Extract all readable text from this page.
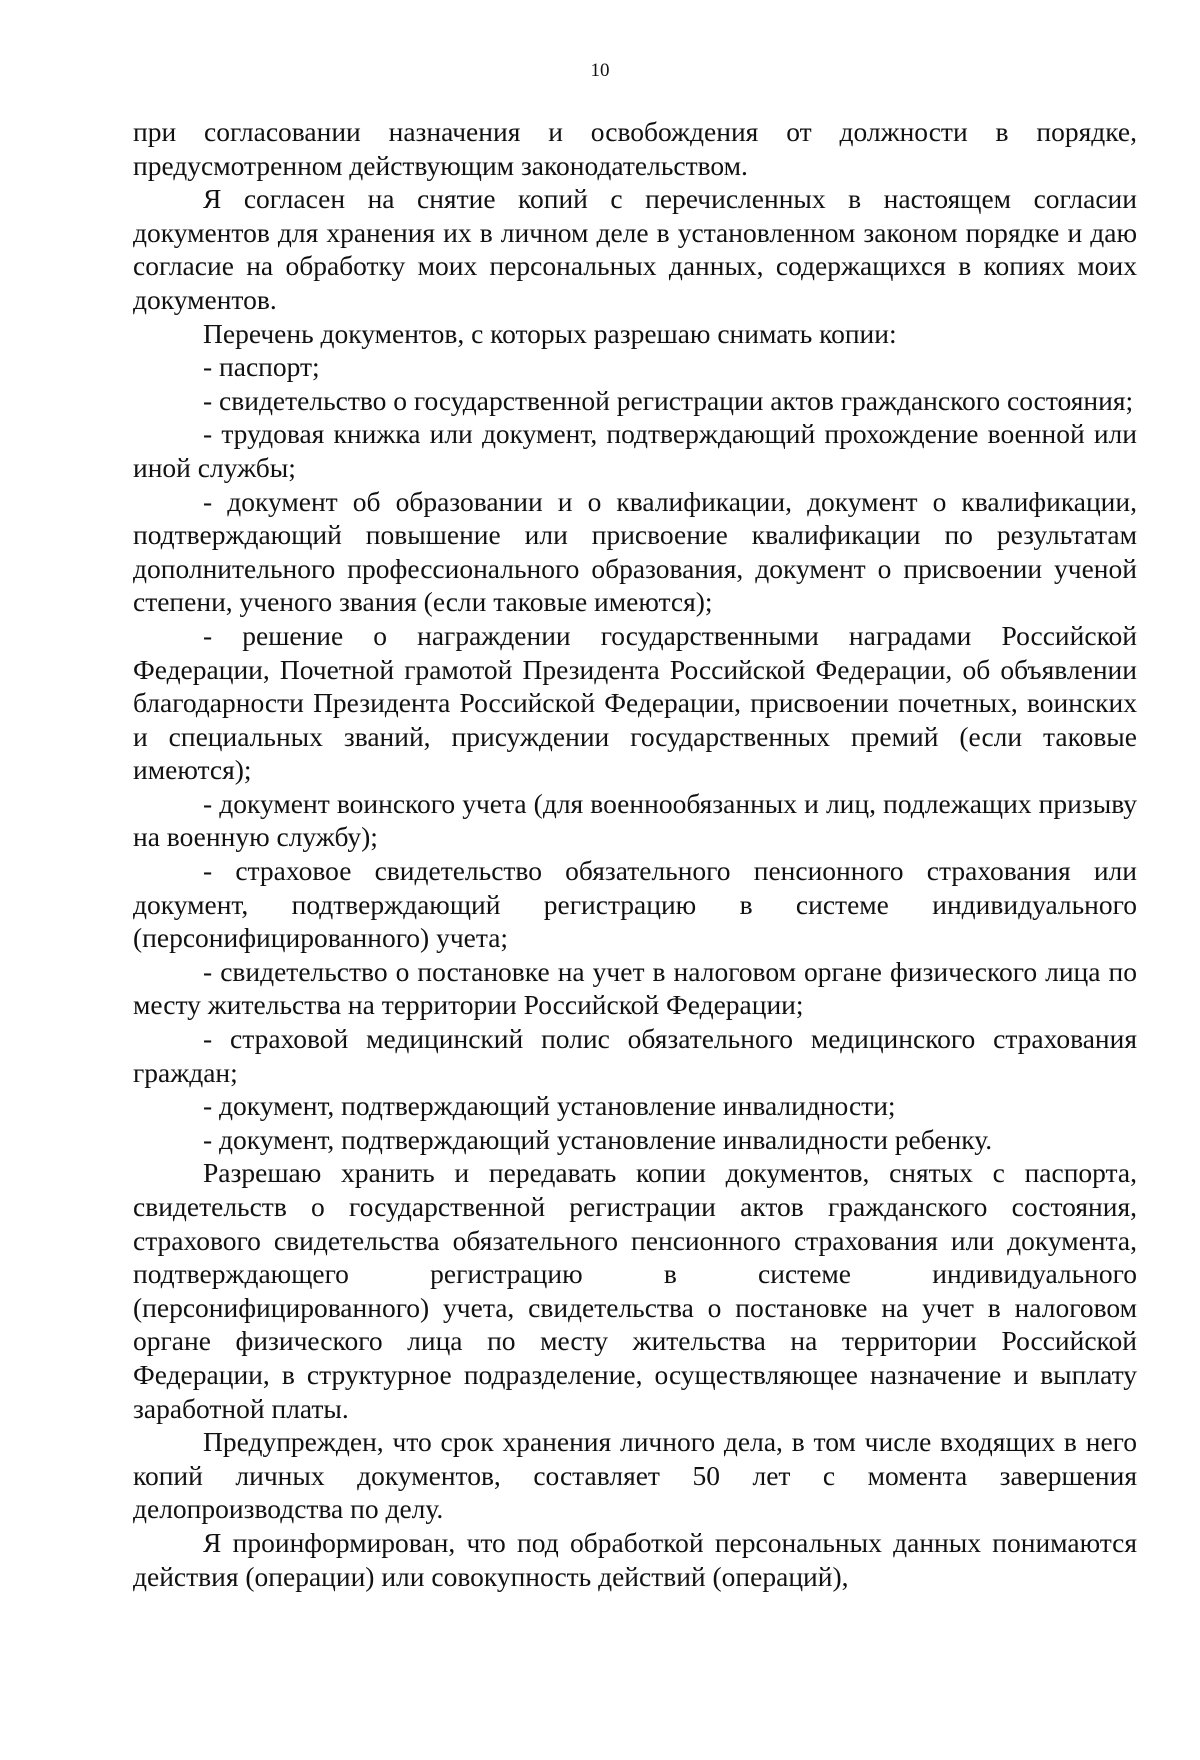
10

при согласовании назначения и освобождения от должности в порядке, предусмотренном действующим законодательством.

Я согласен на снятие копий с перечисленных в настоящем согласии документов для хранения их в личном деле в установленном законом порядке и даю согласие на обработку моих персональных данных, содержащихся в копиях моих документов.

Перечень документов, с которых разрешаю снимать копии:

- паспорт;

- свидетельство о государственной регистрации актов гражданского состояния;

- трудовая книжка или документ, подтверждающий прохождение военной или иной службы;

- документ об образовании и о квалификации, документ о квалификации, подтверждающий повышение или присвоение квалификации по результатам дополнительного профессионального образования, документ о присвоении ученой степени, ученого звания (если таковые имеются);

- решение о награждении государственными наградами Российской Федерации, Почетной грамотой Президента Российской Федерации, об объявлении благодарности Президента Российской Федерации, присвоении почетных, воинских и специальных званий, присуждении государственных премий (если таковые имеются);

- документ воинского учета (для военнообязанных и лиц, подлежащих призыву на военную службу);

- страховое свидетельство обязательного пенсионного страхования или документ, подтверждающий регистрацию в системе индивидуального (персонифицированного) учета;

- свидетельство о постановке на учет в налоговом органе физического лица по месту жительства на территории Российской Федерации;

- страховой медицинский полис обязательного медицинского страхования граждан;

- документ, подтверждающий установление инвалидности;

- документ, подтверждающий установление инвалидности ребенку.

Разрешаю хранить и передавать копии документов, снятых с паспорта, свидетельств о государственной регистрации актов гражданского состояния, страхового свидетельства обязательного пенсионного страхования или документа, подтверждающего регистрацию в системе индивидуального (персонифицированного) учета, свидетельства о постановке на учет в налоговом органе физического лица по месту жительства на территории Российской Федерации, в структурное подразделение, осуществляющее назначение и выплату заработной платы.

Предупрежден, что срок хранения личного дела, в том числе входящих в него копий личных документов, составляет 50 лет с момента завершения делопроизводства по делу.

Я проинформирован, что под обработкой персональных данных понимаются действия (операции) или совокупность действий (операций),
